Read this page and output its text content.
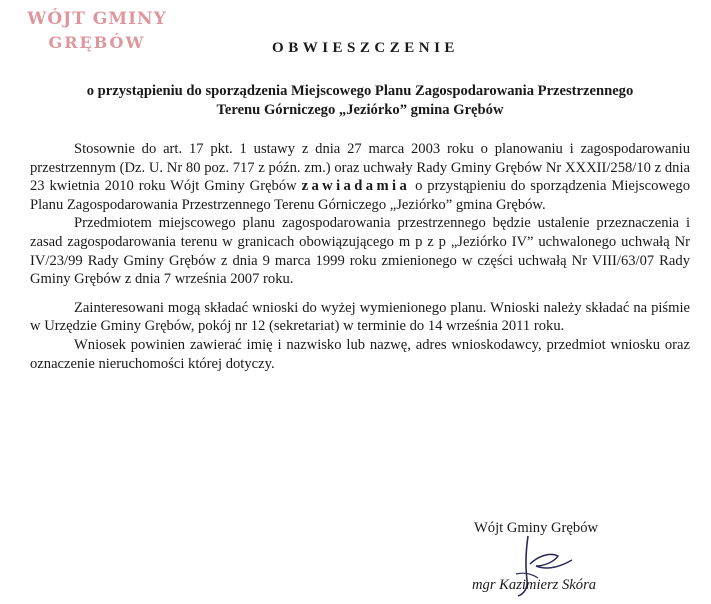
WÓJT GMINY
GRĘBÓW	OBWIESZCZENIE
o przystąpieniu do sporządzenia Miejscowego Planu Zagospodarowania Przestrzennego
Terenu Górniczego „Jeziórko” gmina Grębów

Stosownie do art. 17 pkt. 1 ustawy z dnia 27 marca 2003 roku o planowaniu i zagospodarowaniu przestrzennym (Dz. U. Nr 80 poz. 717 z późn. zm.) oraz uchwały Rady Gminy Grębów Nr XXXII/258/10 z dnia 23 kwietnia 2010 roku Wójt Gminy Grębów zawiadamia o przystąpieniu do sporządzenia Miejscowego Planu Zagospodarowania Przestrzennego Terenu Górniczego „Jeziórko” gmina Grębów.

Przedmiotem miejscowego planu zagospodarowania przestrzennego będzie ustalenie przeznaczenia i zasad zagospodarowania terenu w granicach obowiązującego m p z p „Jeziórko IV” uchwalonego uchwałą Nr IV/23/99 Rady Gminy Grębów z dnia 9 marca 1999 roku zmienionego w części uchwałą Nr VIII/63/07 Rady Gminy Grębów z dnia 7 września 2007 roku.

Zainteresowani mogą składać wnioski do wyżej wymienionego planu. Wnioski należy składać na piśmie w Urzędzie Gminy Grębów, pokój nr 12 (sekretariat) w terminie do 14 września 2011 roku.

Wniosek powinien zawierać imię i nazwisko lub nazwę, adres wnioskodawcy, przedmiot wniosku oraz oznaczenie nieruchomości której dotyczy.

Wójt Gminy Grębów
mgr Kazimierz Skóra
